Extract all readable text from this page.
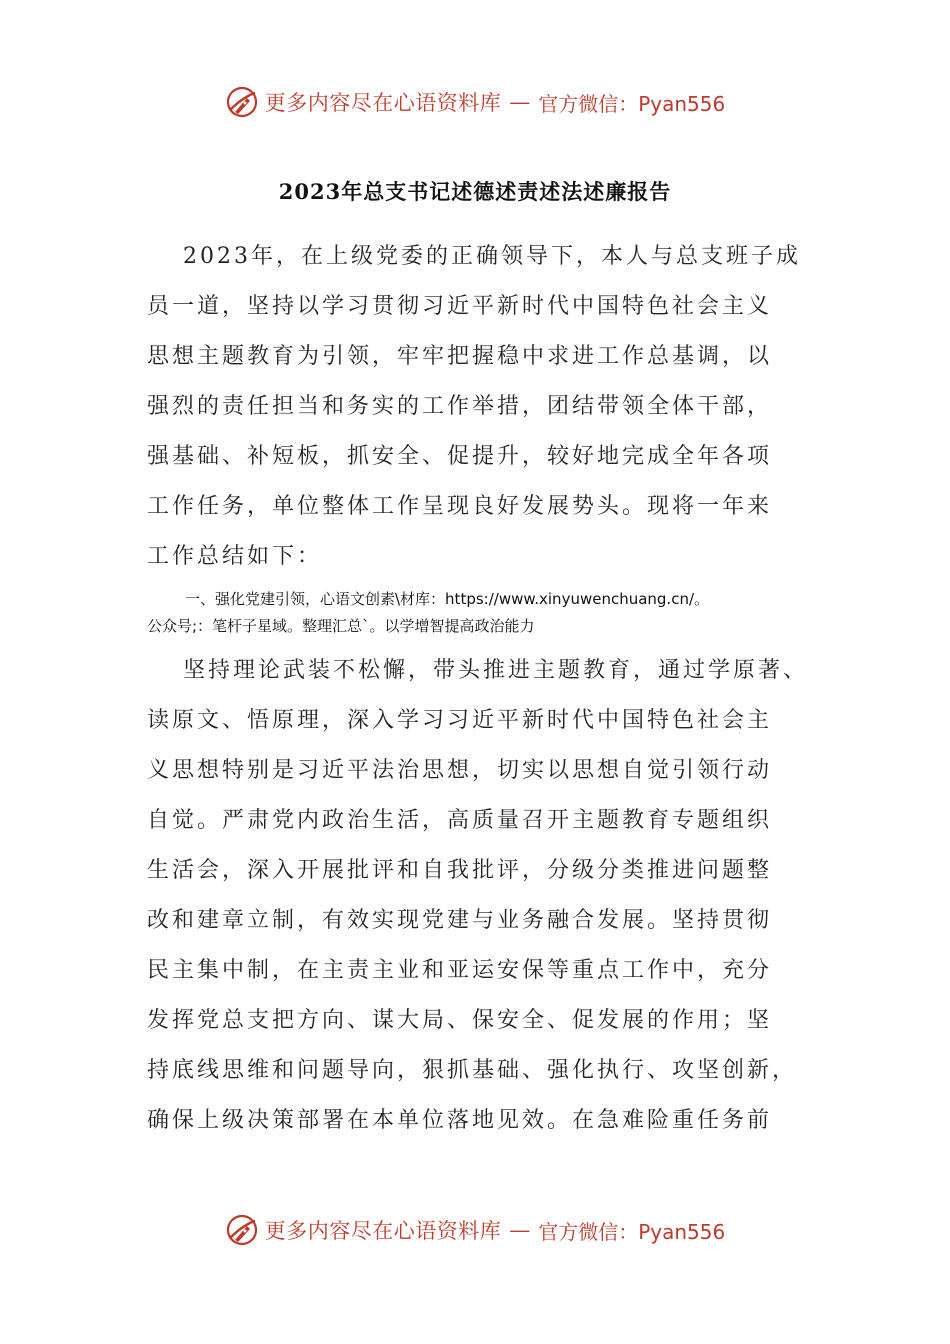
更多内容尽在心语资料库 — 官方微信：Pyan556
2023年总支书记述德述责述法述廉报告
2023年，在上级党委的正确领导下，本人与总支班子成
员一道，坚持以学习贯彻习近平新时代中国特色社会主义
思想主题教育为引领，牢牢把握稳中求进工作总基调，以
强烈的责任担当和务实的工作举措，团结带领全体干部，
强基础、补短板，抓安全、促提升，较好地完成全年各项
工作任务，单位整体工作呈现良好发展势头。现将一年来
工作总结如下：
一、强化党建引领，心语文创素\材库：https://www.xinyuwenchuang.cn/。
公众号;：笔杆子星域。整理汇总`。以学增智提高政治能力
坚持理论武装不松懈，带头推进主题教育，通过学原著、
读原文、悟原理，深入学习习近平新时代中国特色社会主
义思想特别是习近平法治思想，切实以思想自觉引领行动
自觉。严肃党内政治生活，高质量召开主题教育专题组织
生活会，深入开展批评和自我批评，分级分类推进问题整
改和建章立制，有效实现党建与业务融合发展。坚持贯彻
民主集中制，在主责主业和亚运安保等重点工作中，充分
发挥党总支把方向、谋大局、保安全、促发展的作用；坚
持底线思维和问题导向，狠抓基础、强化执行、攻坚创新，
确保上级决策部署在本单位落地见效。在急难险重任务前
更多内容尽在心语资料库 — 官方微信：Pyan556
